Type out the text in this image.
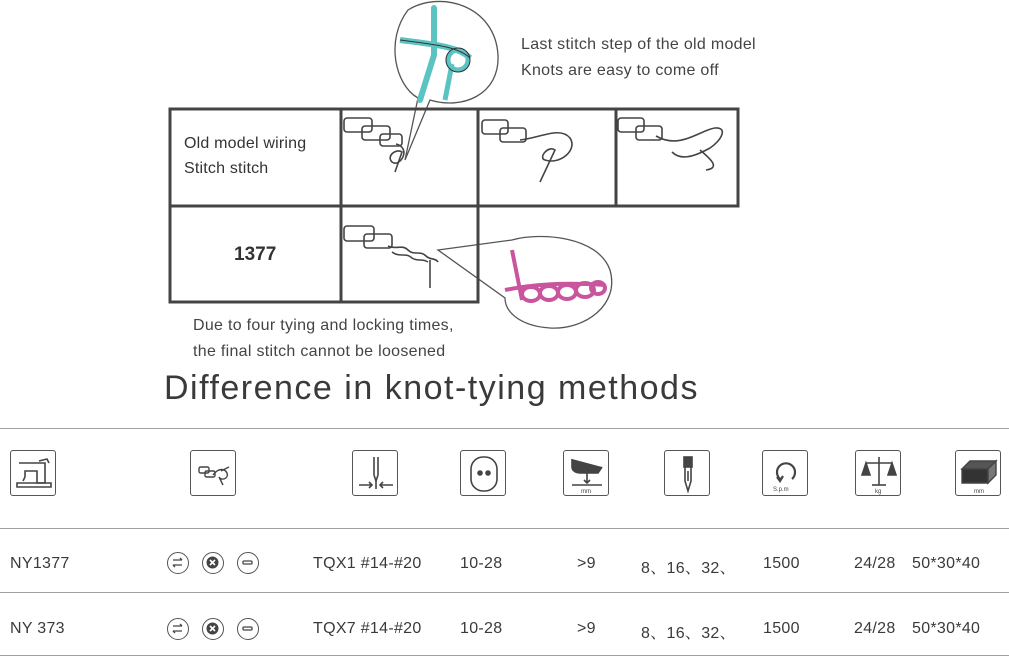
Last stitch step of the old model
Knots are easy to come off
Old model wiring
Stitch stitch
1377
Due to four tying and locking times,
the final stitch cannot be loosened
Difference in knot-tying methods
mm	S.p.m	kg	mm
NY1377	TQX1 #14-#20 10-28	>9	8、16、32、 1500	24/28 50*30*40
NY 373	TQX7 #14-#20 10-28	>9	8、16、32、 1500	24/28 50*30*40
